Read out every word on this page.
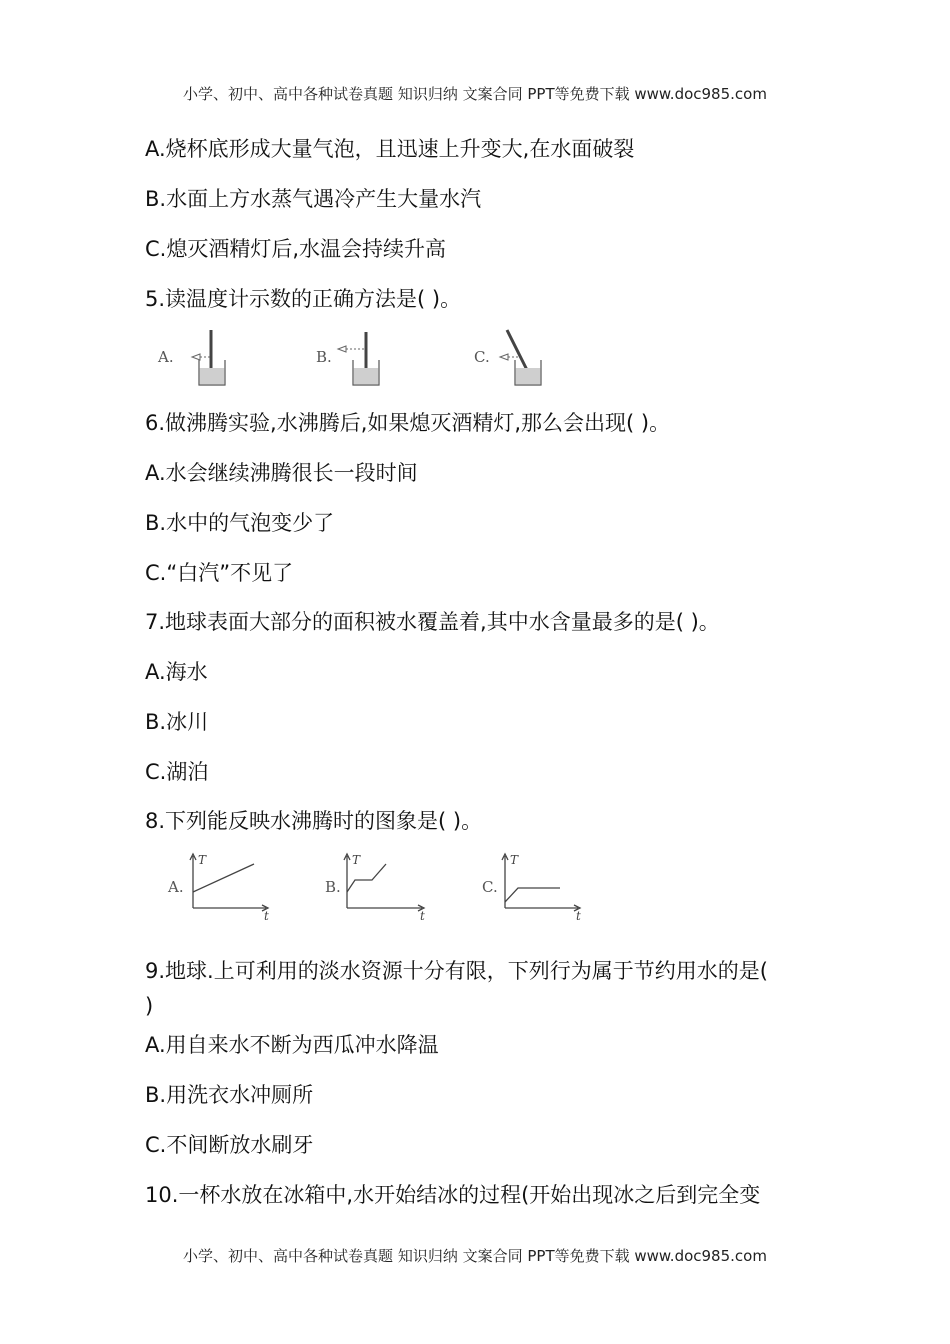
小学、初中、高中各种试卷真题 知识归纳 文案合同 PPT等免费下载 www.doc985.com
A.烧杯底形成大量气泡，且迅速上升变大,在水面破裂
B.水面上方水蒸气遇冷产生大量水汽
C.熄灭酒精灯后,水温会持续升高
5.读温度计示数的正确方法是( )。
A.	B.	C.
6.做沸腾实验,水沸腾后,如果熄灭酒精灯,那么会出现( )。
A.水会继续沸腾很长一段时间
B.水中的气泡变少了
C.“白汽”不见了
7.地球表面大部分的面积被水覆盖着,其中水含量最多的是( )。
A.海水
B.冰川
C.湖泊
8.下列能反映水沸腾时的图象是( )。
A.
T
t
B.
T
t
C.
T
t
9.地球.上可利用的淡水资源十分有限，下列行为属于节约用水的是(
)
A.用自来水不断为西瓜冲水降温
B.用洗衣水冲厕所
C.不间断放水刷牙
10.一杯水放在冰箱中,水开始结冰的过程(开始出现冰之后到完全变
小学、初中、高中各种试卷真题 知识归纳 文案合同 PPT等免费下载 www.doc985.com
